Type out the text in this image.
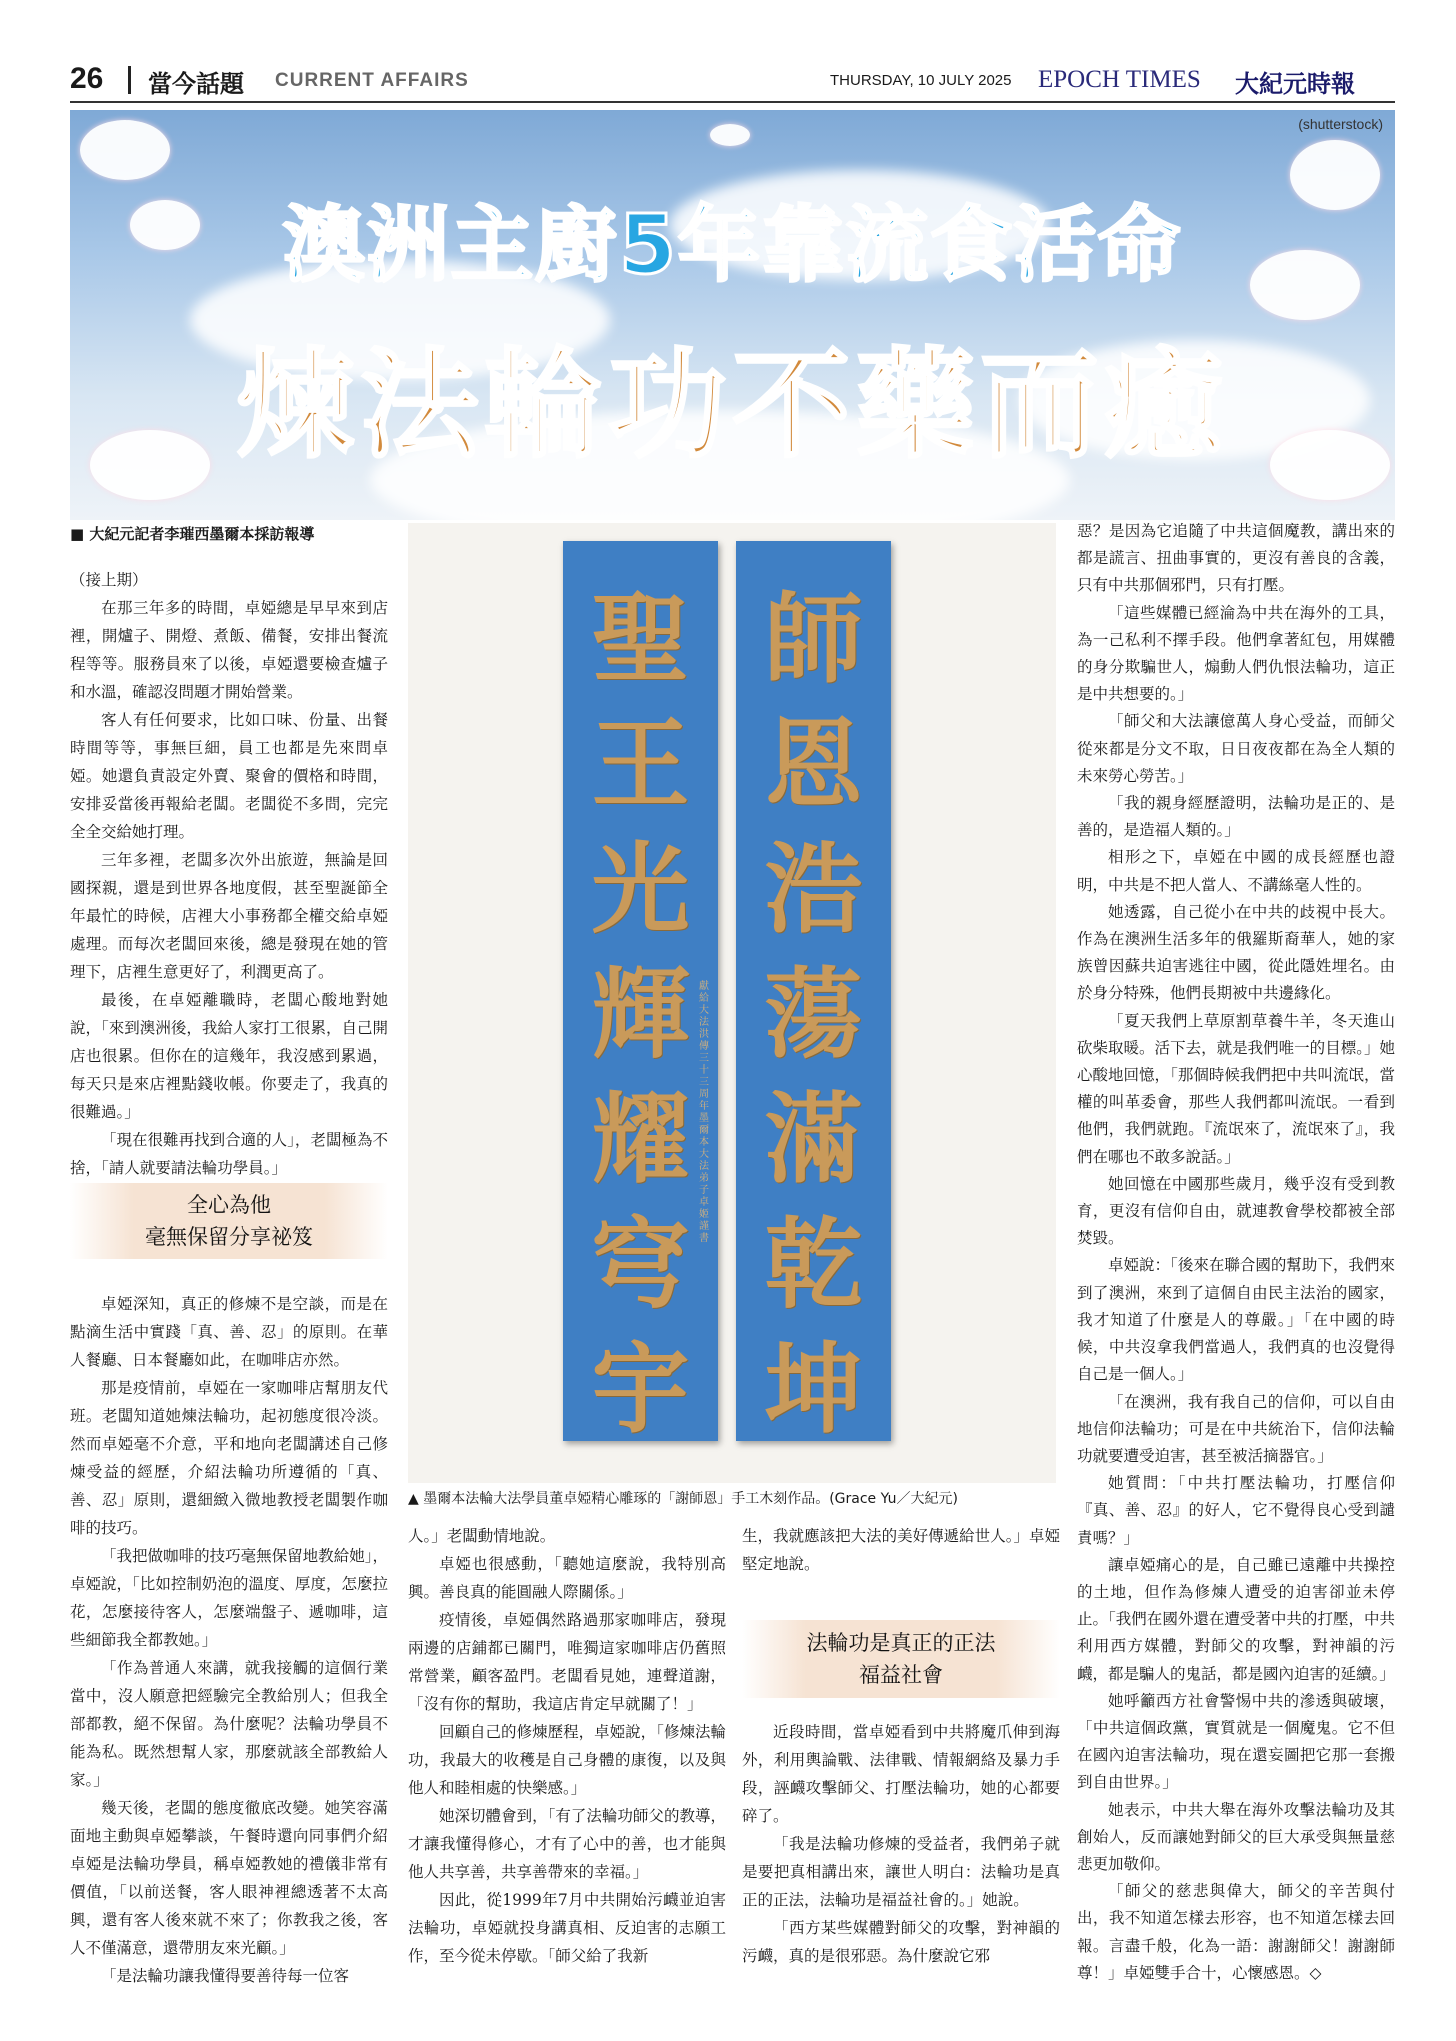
26 當今話題 CURRENT AFFAIRS	THURSDAY, 10 JULY 2025 EPOCH TIMES 大紀元時報
(shutterstock)
澳洲主廚5年靠流食活命
煉法輪功不藥而癒
■ 大紀元記者李璀西墨爾本採訪報導

（接上期）

在那三年多的時間，卓婭總是早早來到店裡，開爐子、開燈、煮飯、備餐，安排出餐流程等等。服務員來了以後，卓婭還要檢查爐子和水溫，確認沒問題才開始營業。

客人有任何要求，比如口味、份量、出餐時間等等，事無巨細，員工也都是先來問卓婭。她還負責設定外賣、聚會的價格和時間，安排妥當後再報給老闆。老闆從不多問，完完全全交給她打理。

三年多裡，老闆多次外出旅遊，無論是回國探親，還是到世界各地度假，甚至聖誕節全年最忙的時候，店裡大小事務都全權交給卓婭處理。而每次老闆回來後，總是發現在她的管理下，店裡生意更好了，利潤更高了。

最後，在卓婭離職時，老闆心酸地對她說，「來到澳洲後，我給人家打工很累，自己開店也很累。但你在的這幾年，我沒感到累過，每天只是來店裡點錢收帳。你要走了，我真的很難過。」

「現在很難再找到合適的人」，老闆極為不捨，「請人就要請法輪功學員。」

全心為他
毫無保留分享祕笈

卓婭深知，真正的修煉不是空談，而是在點滴生活中實踐「真、善、忍」的原則。在華人餐廳、日本餐廳如此，在咖啡店亦然。

那是疫情前，卓婭在一家咖啡店幫朋友代班。老闆知道她煉法輪功，起初態度很冷淡。然而卓婭毫不介意，平和地向老闆講述自己修煉受益的經歷，介紹法輪功所遵循的「真、善、忍」原則，還細緻入微地教授老闆製作咖啡的技巧。

「我把做咖啡的技巧毫無保留地教給她」，卓婭說，「比如控制奶泡的溫度、厚度，怎麼拉花，怎麼接待客人，怎麼端盤子、遞咖啡，這些細節我全都教她。」

「作為普通人來講，就我接觸的這個行業當中，沒人願意把經驗完全教給別人；但我全部都教，絕不保留。為什麼呢？法輪功學員不能為私。既然想幫人家，那麼就該全部教給人家。」

幾天後，老闆的態度徹底改變。她笑容滿面地主動與卓婭攀談，午餐時還向同事們介紹卓婭是法輪功學員，稱卓婭教她的禮儀非常有價值，「以前送餐，客人眼神裡總透著不太高興，還有客人後來就不來了；你教我之後，客人不僅滿意，還帶朋友來光顧。」

「是法輪功讓我懂得要善待每一位客

聖
王
光
輝
耀
穹
宇
獻給大法洪傳三十三周年墨爾本大法弟子卓姬謹書
師
恩
浩
蕩
滿
乾
坤
▲ 墨爾本法輪大法學員董卓婭精心雕琢的「謝師恩」手工木刻作品。(Grace Yu／大紀元)

人。」老闆動情地說。

卓婭也很感動，「聽她這麼說，我特別高興。善良真的能圓融人際關係。」

疫情後，卓婭偶然路過那家咖啡店，發現兩邊的店鋪都已關門，唯獨這家咖啡店仍舊照常營業，顧客盈門。老闆看見她，連聲道謝，「沒有你的幫助，我這店肯定早就關了！」

回顧自己的修煉歷程，卓婭說，「修煉法輪功，我最大的收穫是自己身體的康復，以及與他人和睦相處的快樂感。」

她深切體會到，「有了法輪功師父的教導，才讓我懂得修心，才有了心中的善，也才能與他人共享善，共享善帶來的幸福。」

因此，從1999年7月中共開始污衊並迫害法輪功，卓婭就投身講真相、反迫害的志願工作，至今從未停歇。「師父給了我新

生，我就應該把大法的美好傳遞給世人。」卓婭堅定地說。

法輪功是真正的正法
福益社會

近段時間，當卓婭看到中共將魔爪伸到海外，利用輿論戰、法律戰、情報網絡及暴力手段，誣衊攻擊師父、打壓法輪功，她的心都要碎了。

「我是法輪功修煉的受益者，我們弟子就是要把真相講出來，讓世人明白：法輪功是真正的正法，法輪功是福益社會的。」她說。

「西方某些媒體對師父的攻擊，對神韻的污衊，真的是很邪惡。為什麼說它邪

惡？是因為它追隨了中共這個魔教，講出來的都是謊言、扭曲事實的，更沒有善良的含義，只有中共那個邪門，只有打壓。

「這些媒體已經淪為中共在海外的工具，為一己私利不擇手段。他們拿著紅包，用媒體的身分欺騙世人，煽動人們仇恨法輪功，這正是中共想要的。」

「師父和大法讓億萬人身心受益，而師父從來都是分文不取，日日夜夜都在為全人類的未來勞心勞苦。」

「我的親身經歷證明，法輪功是正的、是善的，是造福人類的。」

相形之下，卓婭在中國的成長經歷也證明，中共是不把人當人、不講絲毫人性的。

她透露，自己從小在中共的歧視中長大。作為在澳洲生活多年的俄羅斯裔華人，她的家族曾因蘇共迫害逃往中國，從此隱姓埋名。由於身分特殊，他們長期被中共邊緣化。

「夏天我們上草原割草養牛羊，冬天進山砍柴取暖。活下去，就是我們唯一的目標。」她心酸地回憶，「那個時候我們把中共叫流氓，當權的叫革委會，那些人我們都叫流氓。一看到他們，我們就跑。『流氓來了，流氓來了』，我們在哪也不敢多說話。」

她回憶在中國那些歲月，幾乎沒有受到教育，更沒有信仰自由，就連教會學校都被全部焚毀。

卓婭說：「後來在聯合國的幫助下，我們來到了澳洲，來到了這個自由民主法治的國家，我才知道了什麼是人的尊嚴。」「在中國的時候，中共沒拿我們當過人，我們真的也沒覺得自己是一個人。」

「在澳洲，我有我自己的信仰，可以自由地信仰法輪功；可是在中共統治下，信仰法輪功就要遭受迫害，甚至被活摘器官。」

她質問：「中共打壓法輪功，打壓信仰『真、善、忍』的好人，它不覺得良心受到譴責嗎？」

讓卓婭痛心的是，自己雖已遠離中共操控的土地，但作為修煉人遭受的迫害卻並未停止。「我們在國外還在遭受著中共的打壓，中共利用西方媒體，對師父的攻擊，對神韻的污衊，都是騙人的鬼話，都是國內迫害的延續。」

她呼籲西方社會警惕中共的滲透與破壞，「中共這個政黨，實質就是一個魔鬼。它不但在國內迫害法輪功，現在還妄圖把它那一套搬到自由世界。」

她表示，中共大舉在海外攻擊法輪功及其創始人，反而讓她對師父的巨大承受與無量慈悲更加敬仰。

「師父的慈悲與偉大，師父的辛苦與付出，我不知道怎樣去形容，也不知道怎樣去回報。言盡千般，化為一語：謝謝師父！謝謝師尊！」卓婭雙手合十，心懷感恩。◇
